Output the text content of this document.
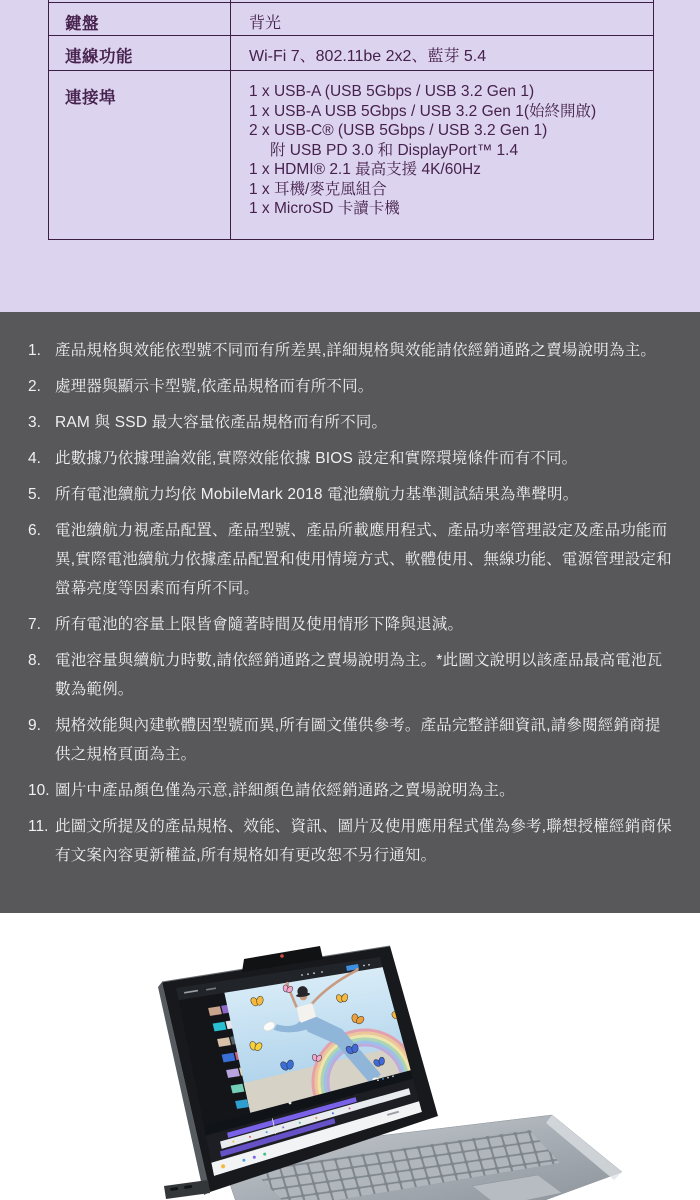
鍵盤	背光
連線功能	Wi-Fi 7、802.11be 2x2、藍芽 5.4
連接埠	1 x USB-A (USB 5Gbps / USB 3.2 Gen 1)
1 x USB-A USB 5Gbps / USB 3.2 Gen 1(始終開啟)
2 x USB-C® (USB 5Gbps / USB 3.2 Gen 1)
附 USB PD 3.0 和 DisplayPort™ 1.4
1 x HDMI® 2.1 最高支援 4K/60Hz
1 x 耳機/麥克風組合
1 x MicroSD 卡讀卡機
1. 產品規格與效能依型號不同而有所差異,詳細規格與效能請依經銷通路之賣場說明為主。
2. 處理器與顯示卡型號,依產品規格而有所不同。
3. RAM 與 SSD 最大容量依產品規格而有所不同。
4. 此數據乃依據理論效能,實際效能依據 BIOS 設定和實際環境條件而有不同。
5. 所有電池續航力均依 MobileMark 2018 電池續航力基準測試結果為準聲明。
6. 電池續航力視產品配置、產品型號、產品所載應用程式、產品功率管理設定及產品功能而異,實際電池續航力依據產品配置和使用情境方式、軟體使用、無線功能、電源管理設定和螢幕亮度等因素而有所不同。
7. 所有電池的容量上限皆會隨著時間及使用情形下降與退減。
8. 電池容量與續航力時數,請依經銷通路之賣場說明為主。*此圖文說明以該產品最高電池瓦數為範例。
9. 規格效能與內建軟體因型號而異,所有圖文僅供參考。產品完整詳細資訊,請參閱經銷商提供之規格頁面為主。
10. 圖片中產品顏色僅為示意,詳細顏色請依經銷通路之賣場說明為主。
11. 此圖文所提及的產品規格、效能、資訊、圖片及使用應用程式僅為參考,聯想授權經銷商保有文案內容更新權益,所有規格如有更改恕不另行通知。
